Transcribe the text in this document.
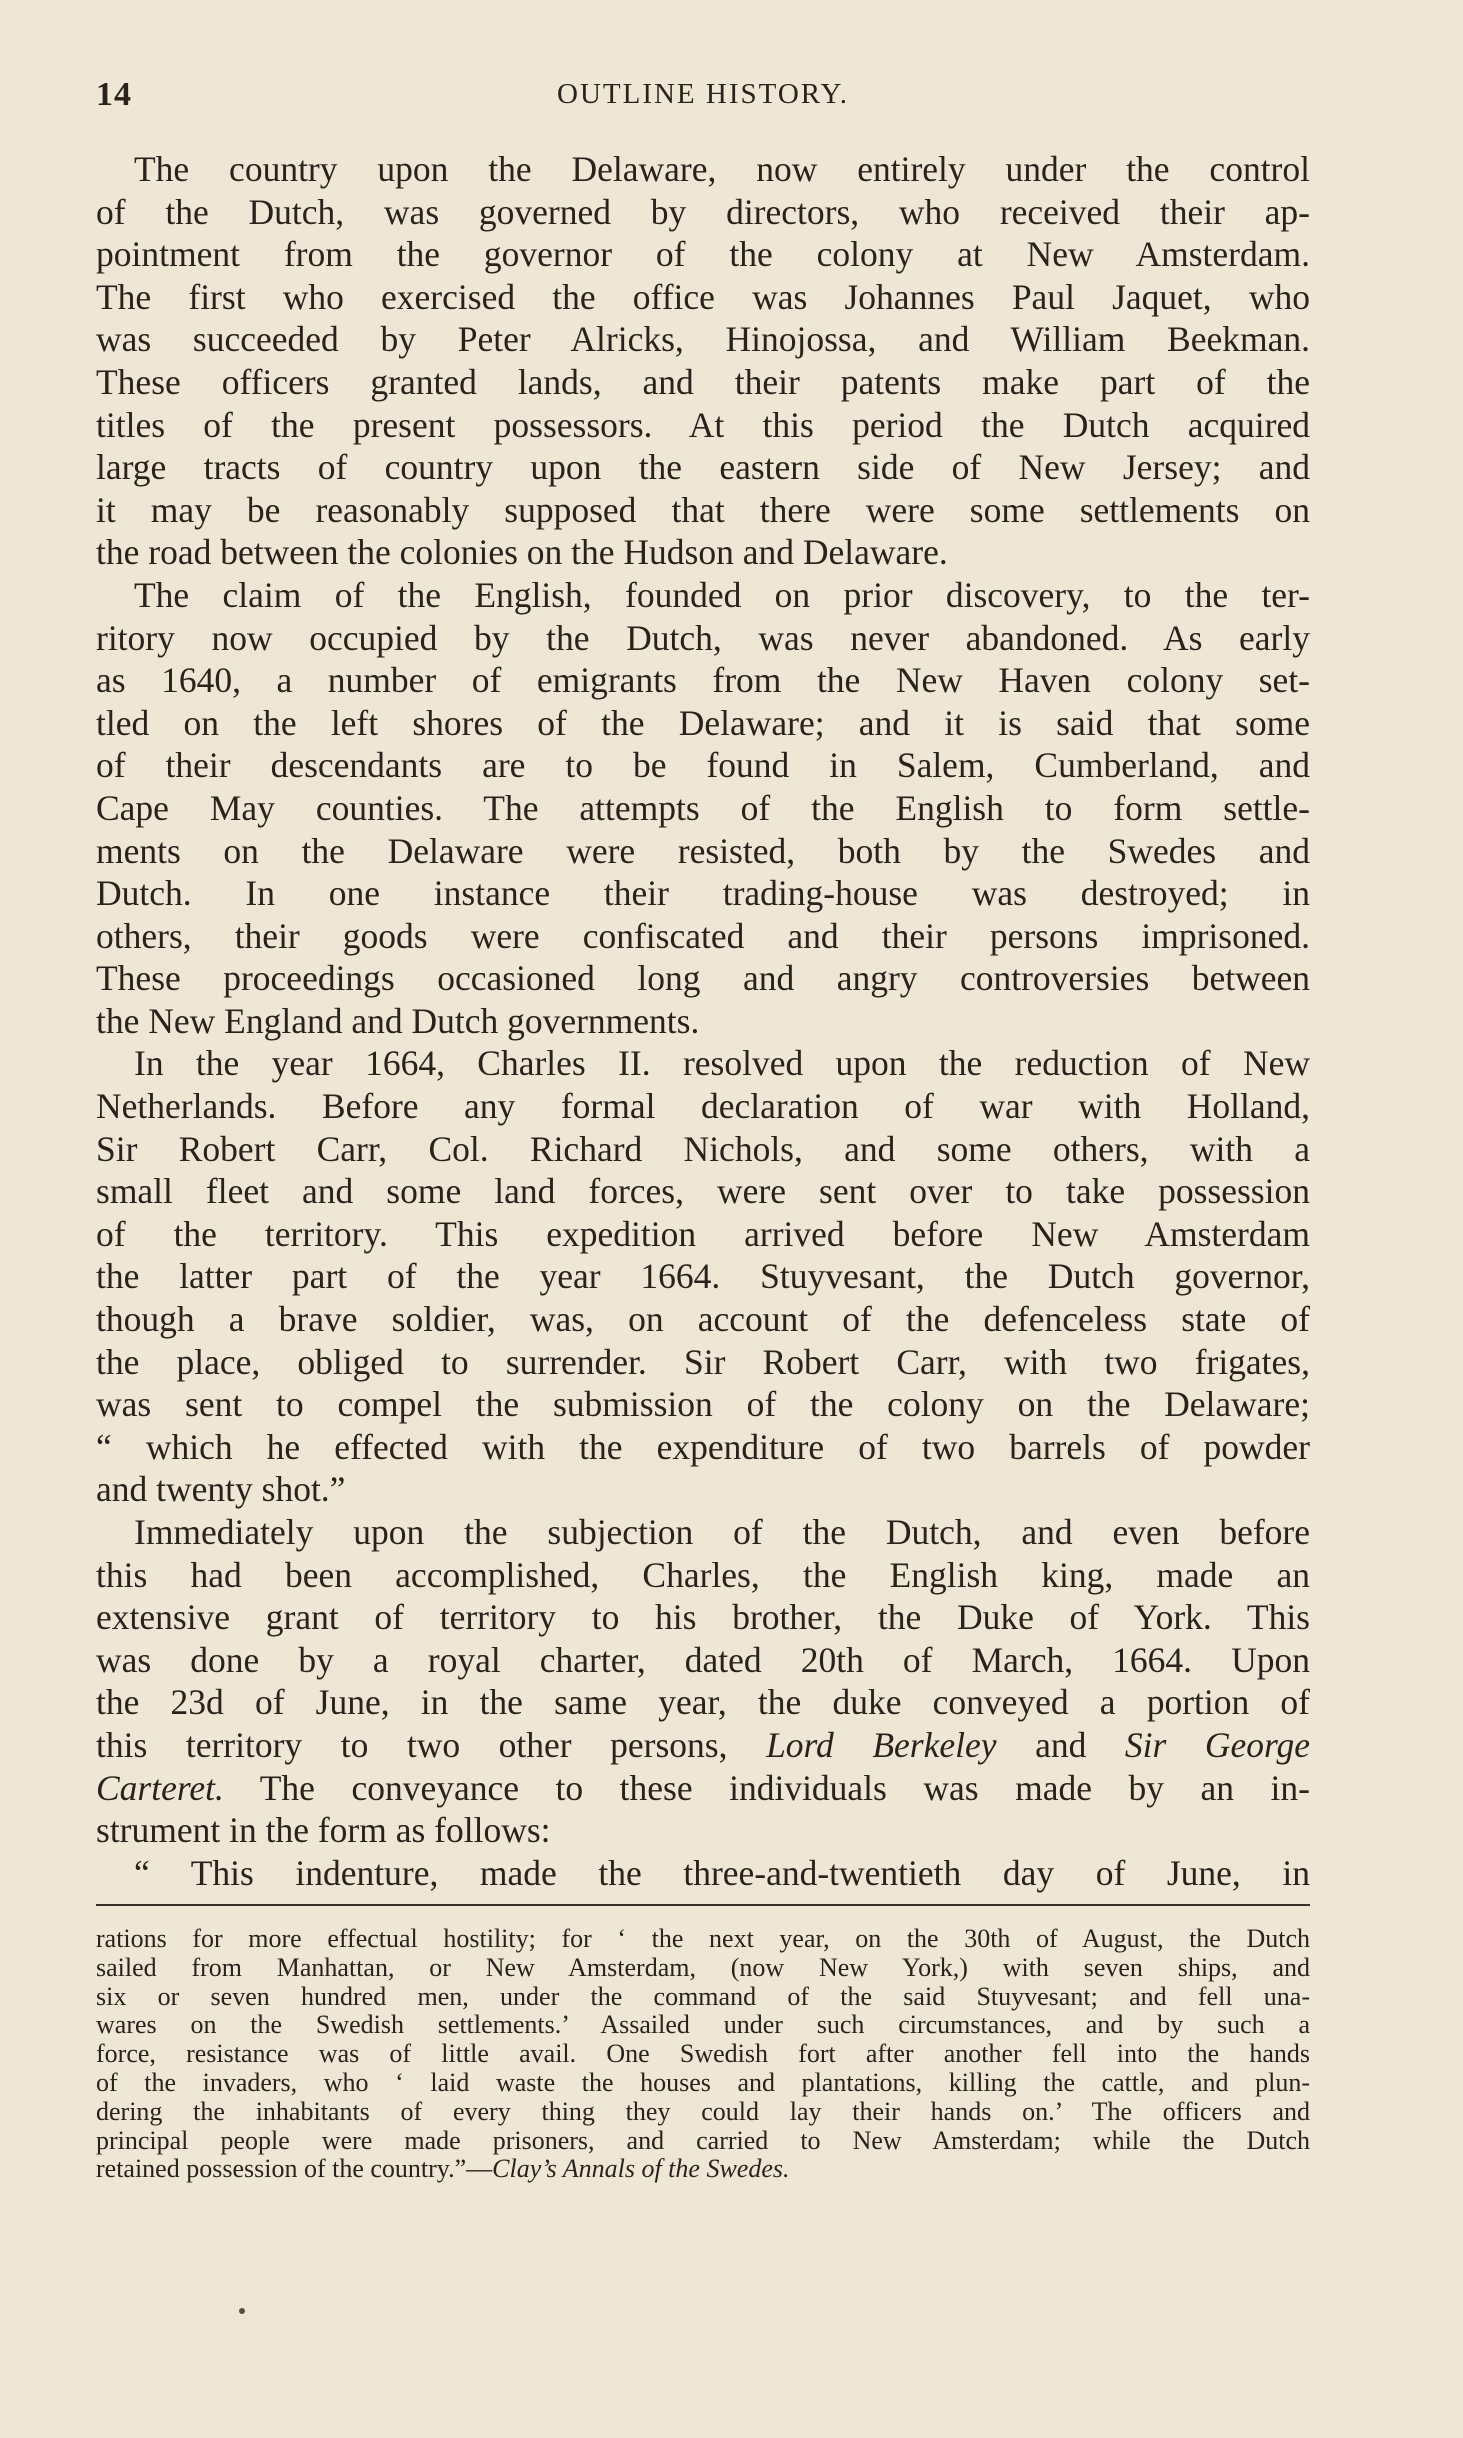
14	OUTLINE HISTORY.
The country upon the Delaware, now entirely under the control
of the Dutch, was governed by directors, who received their ap-
pointment from the governor of the colony at New Amsterdam.
The first who exercised the office was Johannes Paul Jaquet, who
was succeeded by Peter Alricks, Hinojossa, and William Beekman.
These officers granted lands, and their patents make part of the
titles of the present possessors. At this period the Dutch acquired
large tracts of country upon the eastern side of New Jersey; and
it may be reasonably supposed that there were some settlements on
the road between the colonies on the Hudson and Delaware.
The claim of the English, founded on prior discovery, to the ter-
ritory now occupied by the Dutch, was never abandoned. As early
as 1640, a number of emigrants from the New Haven colony set-
tled on the left shores of the Delaware; and it is said that some
of their descendants are to be found in Salem, Cumberland, and
Cape May counties. The attempts of the English to form settle-
ments on the Delaware were resisted, both by the Swedes and
Dutch. In one instance their trading-house was destroyed; in
others, their goods were confiscated and their persons imprisoned.
These proceedings occasioned long and angry controversies between
the New England and Dutch governments.
In the year 1664, Charles II. resolved upon the reduction of New
Netherlands. Before any formal declaration of war with Holland,
Sir Robert Carr, Col. Richard Nichols, and some others, with a
small fleet and some land forces, were sent over to take possession
of the territory. This expedition arrived before New Amsterdam
the latter part of the year 1664. Stuyvesant, the Dutch governor,
though a brave soldier, was, on account of the defenceless state of
the place, obliged to surrender. Sir Robert Carr, with two frigates,
was sent to compel the submission of the colony on the Delaware;
“ which he effected with the expenditure of two barrels of powder
and twenty shot.”
Immediately upon the subjection of the Dutch, and even before
this had been accomplished, Charles, the English king, made an
extensive grant of territory to his brother, the Duke of York. This
was done by a royal charter, dated 20th of March, 1664. Upon
the 23d of June, in the same year, the duke conveyed a portion of
this territory to two other persons, Lord Berkeley and Sir George
Carteret. The conveyance to these individuals was made by an in-
strument in the form as follows:
“ This indenture, made the three-and-twentieth day of June, in
rations for more effectual hostility; for ‘ the next year, on the 30th of August, the Dutch
sailed from Manhattan, or New Amsterdam, (now New York,) with seven ships, and
six or seven hundred men, under the command of the said Stuyvesant; and fell una-
wares on the Swedish settlements.’ Assailed under such circumstances, and by such a
force, resistance was of little avail. One Swedish fort after another fell into the hands
of the invaders, who ‘ laid waste the houses and plantations, killing the cattle, and plun-
dering the inhabitants of every thing they could lay their hands on.’ The officers and
principal people were made prisoners, and carried to New Amsterdam; while the Dutch
retained possession of the country.”—Clay’s Annals of the Swedes.
